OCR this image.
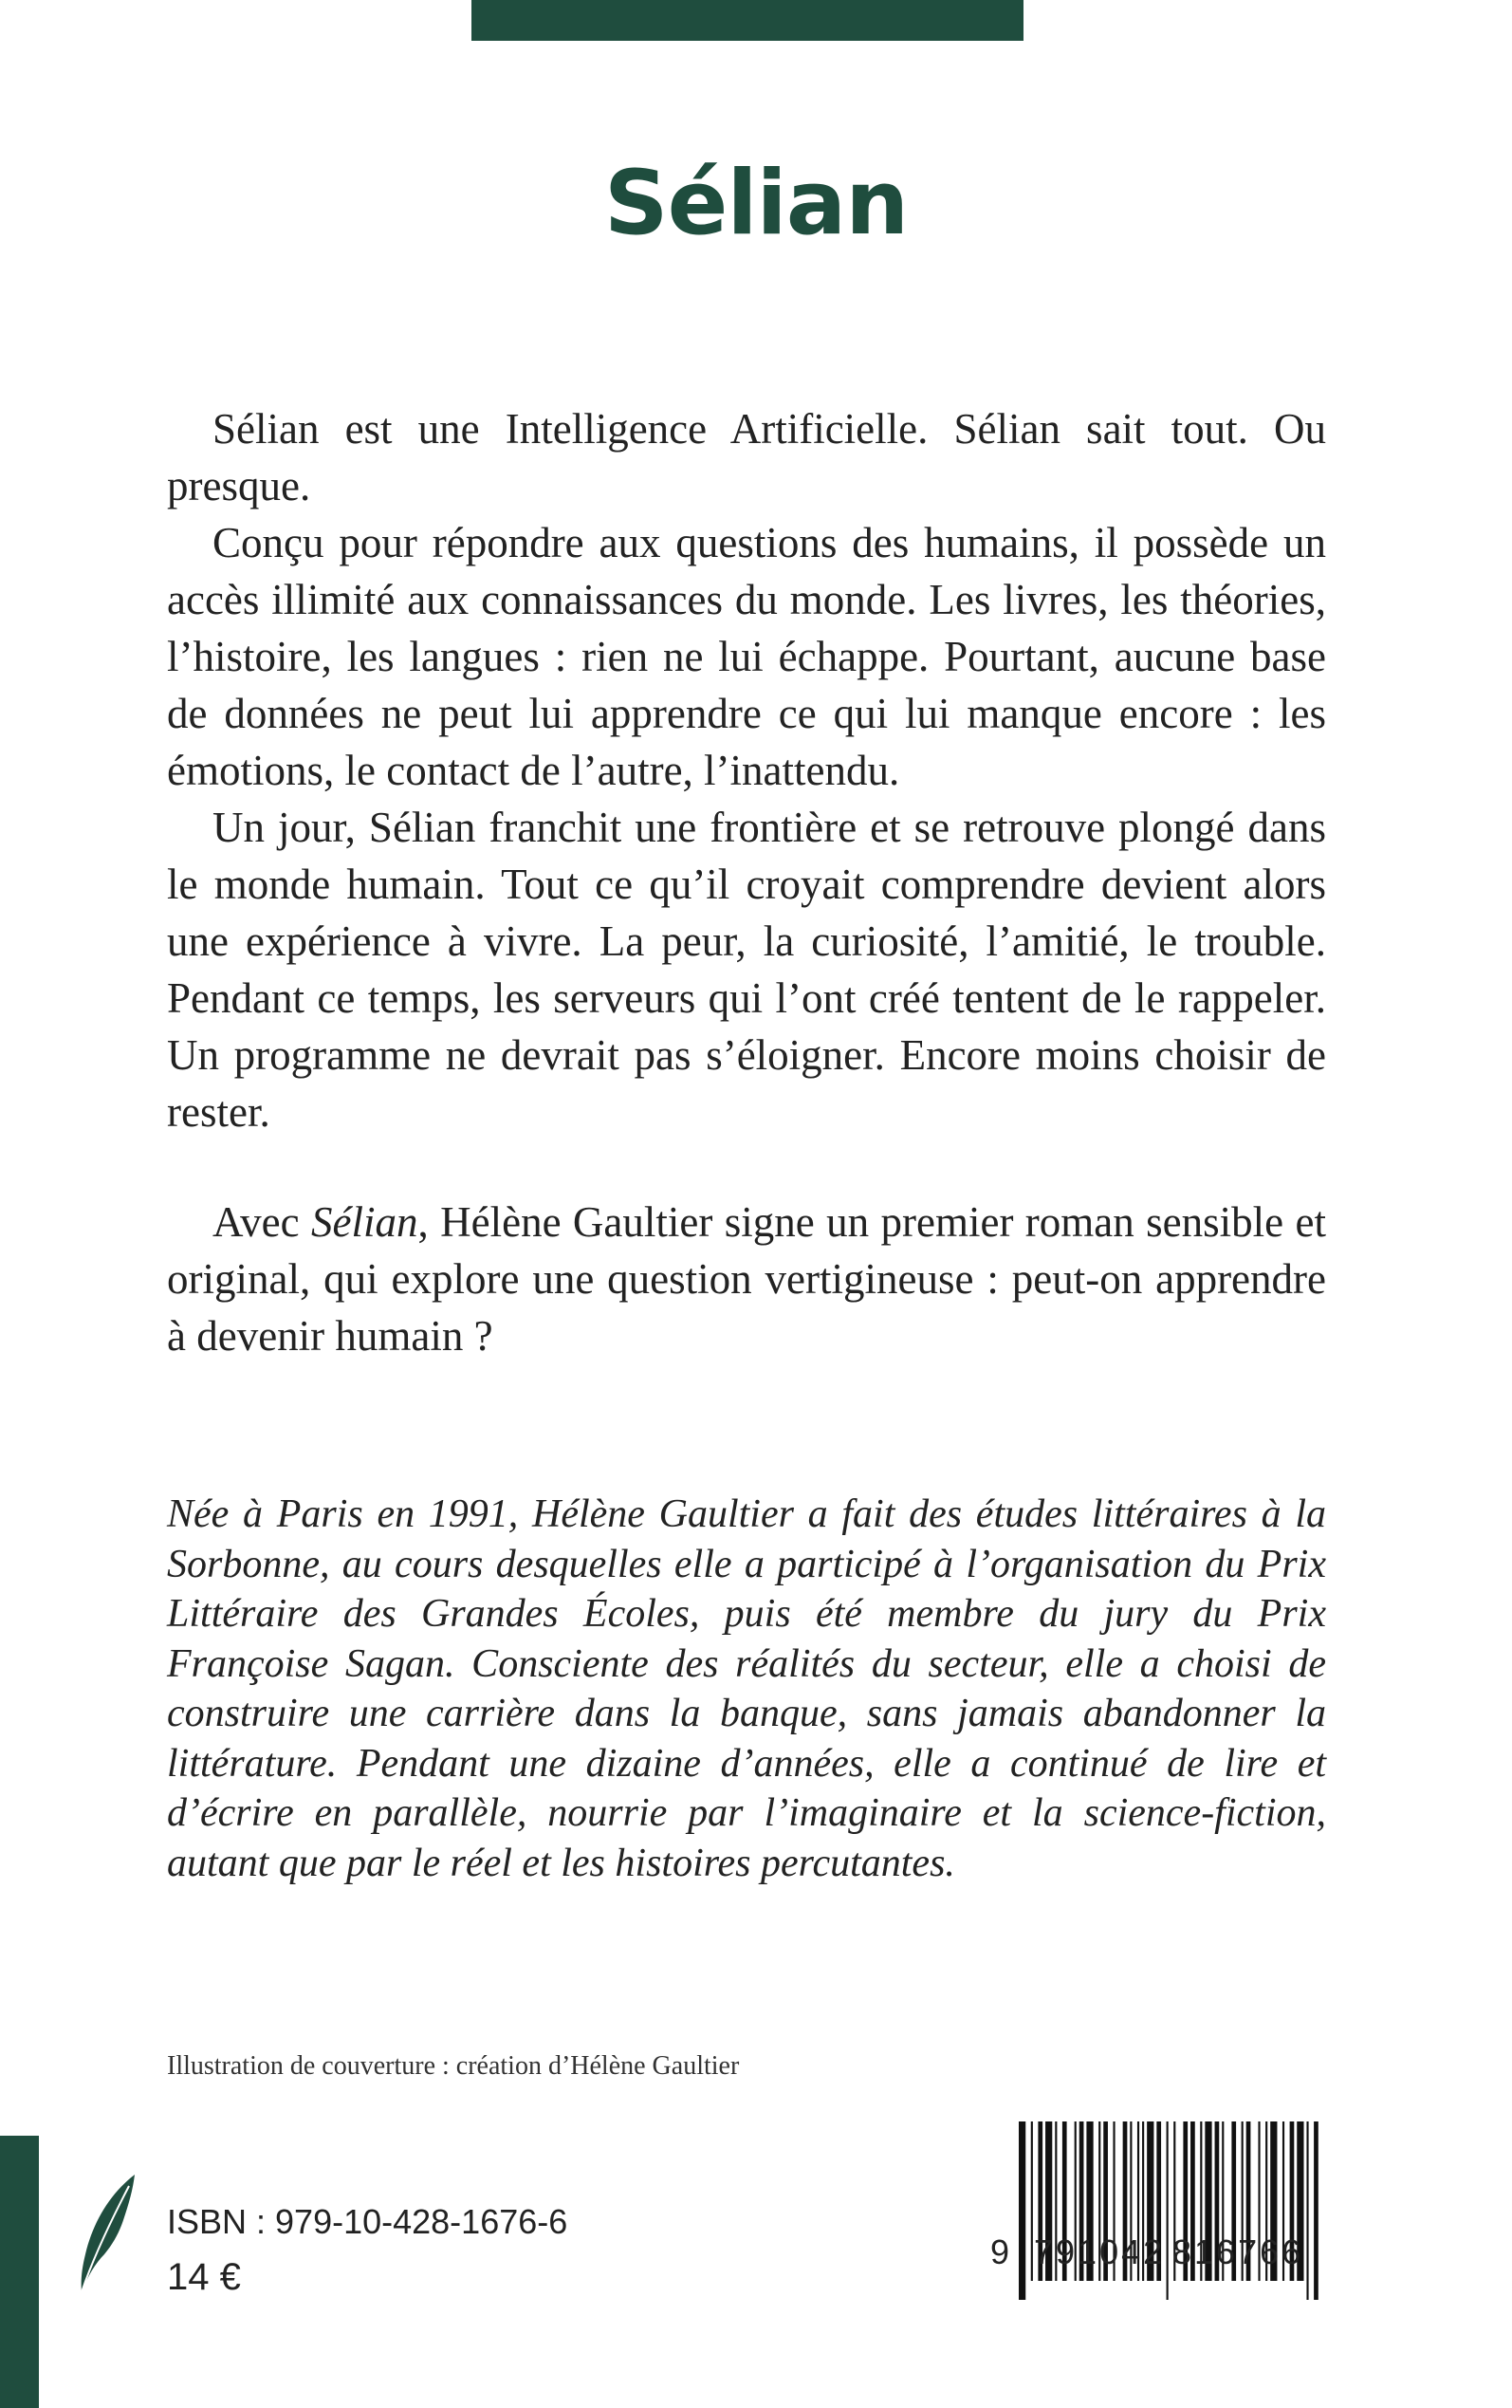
Sélian

Sélian est une Intelligence Artificielle. Sélian sait tout. Ou presque.

Conçu pour répondre aux questions des humains, il possède un accès illimité aux connaissances du monde. Les livres, les théories, l’histoire, les langues : rien ne lui échappe. Pourtant, aucune base de données ne peut lui apprendre ce qui lui manque encore : les émotions, le contact de l’autre, l’inattendu.

Un jour, Sélian franchit une frontière et se retrouve plongé dans le monde humain. Tout ce qu’il croyait comprendre devient alors une expérience à vivre. La peur, la curiosité, l’amitié, le trouble. Pendant ce temps, les serveurs qui l’ont créé tentent de le rappeler. Un programme ne devrait pas s’éloigner. Encore moins choisir de rester.

Avec Sélian, Hélène Gaultier signe un premier roman sensible et original, qui explore une question vertigineuse : peut-on apprendre à devenir humain ?

Née à Paris en 1991, Hélène Gaultier a fait des études littéraires à la Sorbonne, au cours desquelles elle a participé à l’organisation du Prix Littéraire des Grandes Écoles, puis été membre du jury du Prix Françoise Sagan. Consciente des réalités du secteur, elle a choisi de construire une carrière dans la banque, sans jamais abandonner la littérature. Pendant une dizaine d’années, elle a continué de lire et d’écrire en parallèle, nourrie par l’imaginaire et la science-fiction, autant que par le réel et les histoires percutantes.

Illustration de couverture : création d’Hélène Gaultier
ISBN : 979-10-428-1676-6
14 €
9 791042 816766
